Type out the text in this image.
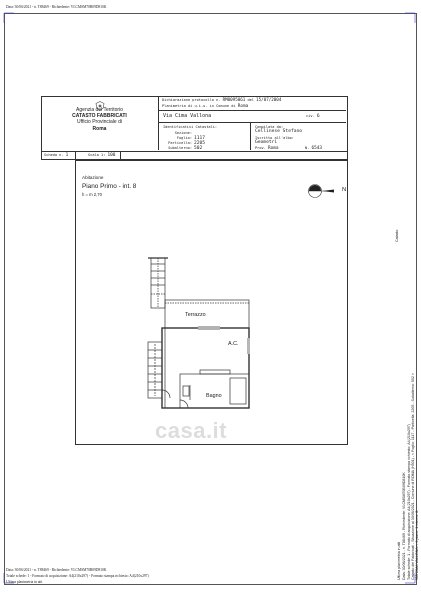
Data: 30/06/2021 - n. T88469 - Richiedente: VLCMSM70B09D810K
Agenzia del Territorio
CATASTO FABBRICATI
Ufficio Provinciale di
Roma
Dichiarazione protocollo n. RM0095061 del 15/07/2004
Planimetria di u.i.u. in Comune di Roma
Via Cima Vallona	civ. 6
Identificativi Catastali:
Sezione:
Foglio: 1117
Particella: 2205
Subalterno: 502
Compilata da:
Cellinese Stefano
Iscritto all'albo:
Geometri
Prov. Roma	N. 6543
Scheda n. 1	Scala 1: 100
Abitazione
Piano Primo - int. 8
h = m 2,70
N
Terrazzo
A.C.
Bagno
casa.it
Catasto
Ultima planimetria in atti Data: 30/06/2021 - n. T88469 - Richiedente: VLCMSM70B09D810K Totale schede: 1 - Formato di acquisizione: A4(210x297) - Formato stampa richiesto: A4(210x297) Catasto dei Fabbricati - Situazione al 30/06/2021 - Comune di ROMA (H501) - < Foglio: 1117 - Particella: 2205 - Subalterno: 502 > VIA CIMA VALLONA n. 6 piano: 1 interno: 8;
Data: 30/06/2021 - n. T88469 - Richiedente: VLCMSM70B09D810K
Totale schede: 1 - Formato di acquisizione: A4(210x297) - Formato stampa richiesto: A4(210x297)
Ultima planimetria in atti
